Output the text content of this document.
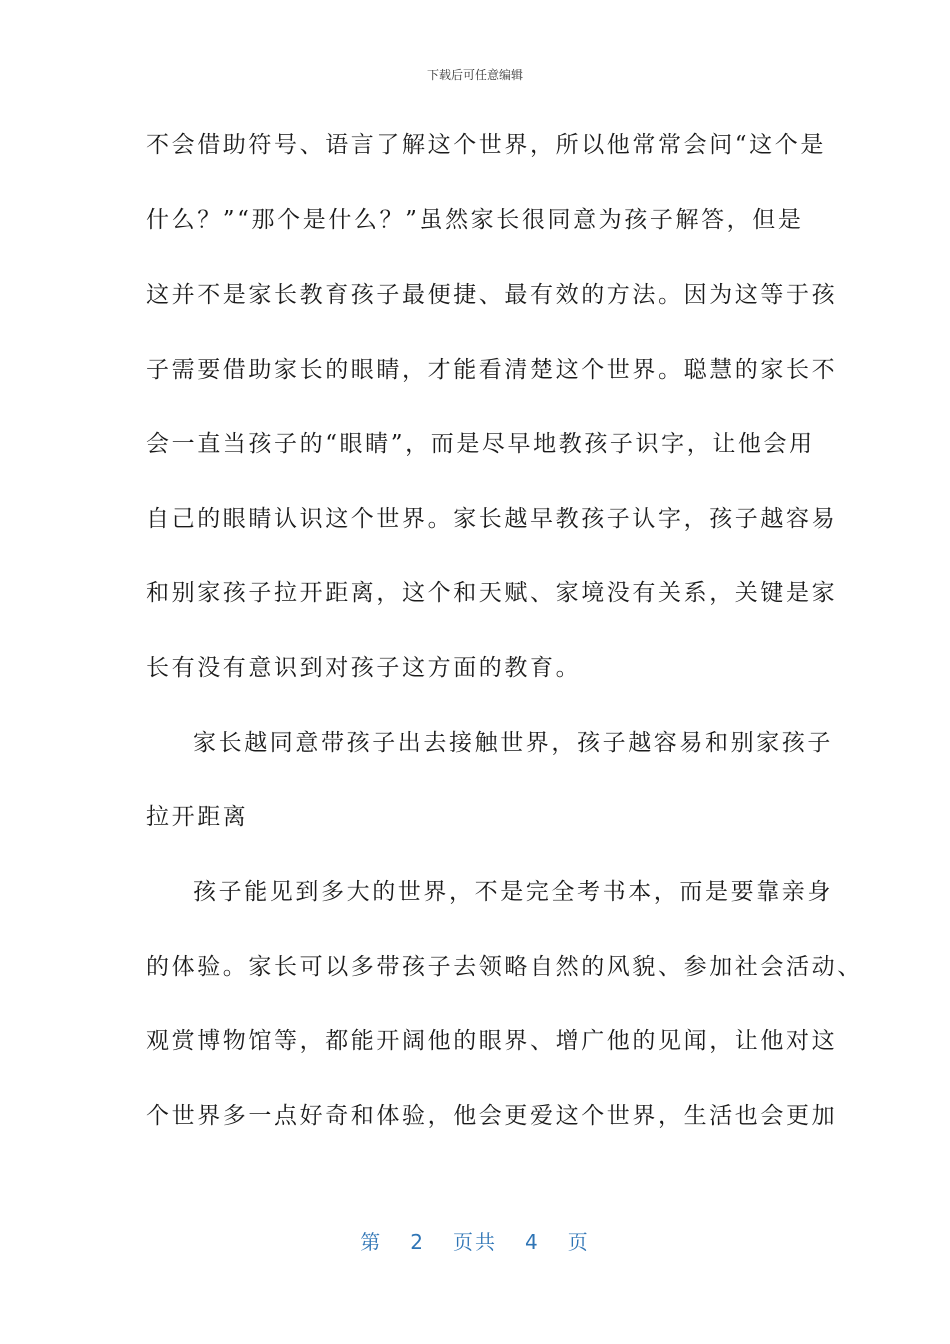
下载后可任意编辑
不会借助符号、语言了解这个世界，所以他常常会问“这个是
什么？”“那个是什么？”虽然家长很同意为孩子解答，但是
这并不是家长教育孩子最便捷、最有效的方法。因为这等于孩
子需要借助家长的眼睛，才能看清楚这个世界。聪慧的家长不
会一直当孩子的“眼睛”，而是尽早地教孩子识字，让他会用
自己的眼睛认识这个世界。家长越早教孩子认字，孩子越容易
和别家孩子拉开距离，这个和天赋、家境没有关系，关键是家
长有没有意识到对孩子这方面的教育。
家长越同意带孩子出去接触世界，孩子越容易和别家孩子
拉开距离
孩子能见到多大的世界，不是完全考书本，而是要靠亲身
的体验。家长可以多带孩子去领略自然的风貌、参加社会活动、
观赏博物馆等，都能开阔他的眼界、增广他的见闻，让他对这
个世界多一点好奇和体验，他会更爱这个世界，生活也会更加
第 2 页共 4 页
